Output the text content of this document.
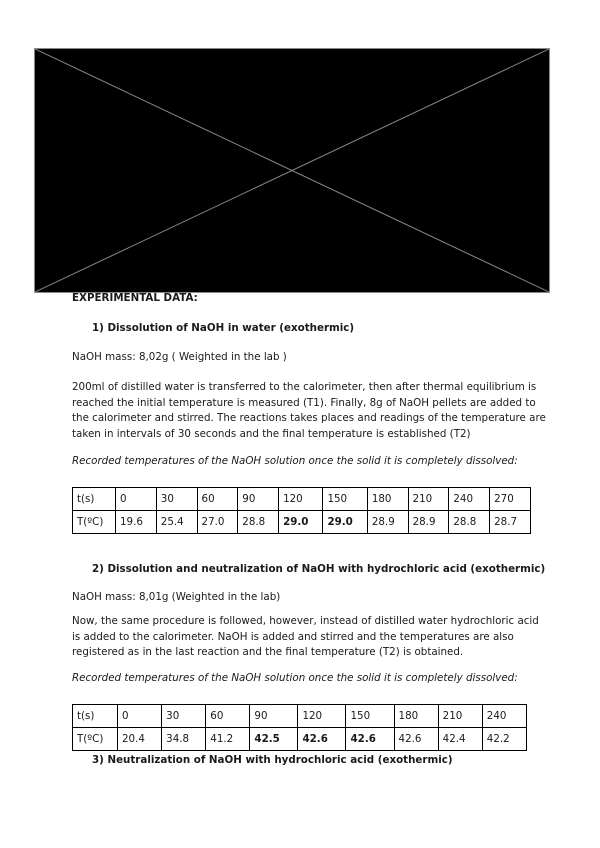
EXPERIMENTAL DATA:
1) Dissolution of NaOH in water (exothermic)
NaOH mass: 8,02g ( Weighted in the lab )
200ml of distilled water is transferred to the calorimeter, then after thermal equilibrium is
reached the initial temperature is measured (T1). Finally, 8g of NaOH pellets are added to
the calorimeter and stirred. The reactions takes places and readings of the temperature are
taken in intervals of 30 seconds and the final temperature is established (T2)
Recorded temperatures of the NaOH solution once the solid it is completely dissolved:
t(s)	0	30	60	90	120	150	180	210	240	270
T(ºC)	19.6	25.4	27.0	28.8	29.0	29.0	28.9	28.9	28.8	28.7
2) Dissolution and neutralization of NaOH with hydrochloric acid (exothermic)
NaOH mass: 8,01g (Weighted in the lab)
Now, the same procedure is followed, however, instead of distilled water hydrochloric acid
is added to the calorimeter. NaOH is added and stirred and the temperatures are also
registered as in the last reaction and the final temperature (T2) is obtained.
Recorded temperatures of the NaOH solution once the solid it is completely dissolved:
t(s)	0	30	60	90	120	150	180	210	240
T(ºC)	20.4	34.8	41.2	42.5	42.6	42.6	42.6	42.4	42.2
3) Neutralization of NaOH with hydrochloric acid (exothermic)
